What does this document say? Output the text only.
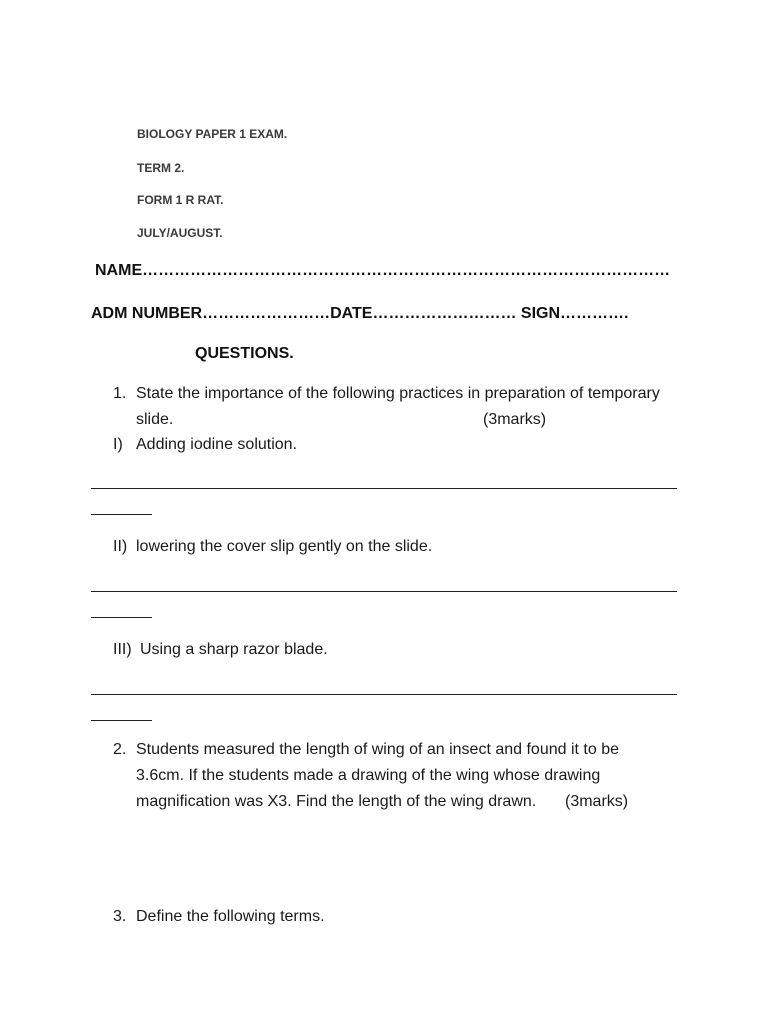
BIOLOGY PAPER 1 EXAM.
TERM 2.
FORM 1 R RAT.
JULY/AUGUST.
NAME………………………………………………………………………………………
ADM NUMBER……………………DATE……………………… SIGN………….
QUESTIONS.
1. State the importance of the following practices in preparation of temporary
slide.	(3marks)
I) Adding iodine solution.
II) lowering the cover slip gently on the slide.
III) Using a sharp razor blade.
2. Students measured the length of wing of an insect and found it to be
3.6cm. If the students made a drawing of the wing whose drawing
magnification was X3. Find the length of the wing drawn. (3marks)
3. Define the following terms.
